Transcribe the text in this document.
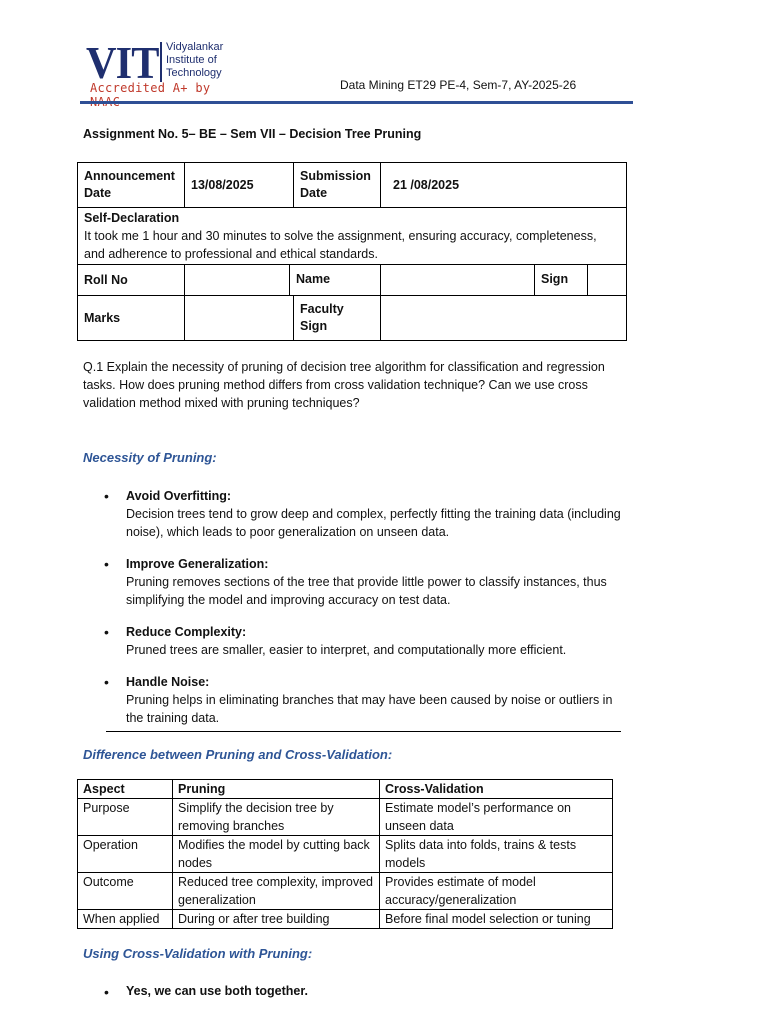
VIT Vidyalankar
Institute of
Technology
Accredited A+ by	Data Mining ET29 PE-4, Sem-7, AY-2025-26
Assignment No. 5– BE – Sem VII – Decision Tree Pruning
Announcement Date	13/08/2025	Submission Date	21 /08/2025

Self-Declaration
It took me 1 hour and 30 minutes to solve the assignment, ensuring accuracy, completeness, and adherence to professional and ethical standards.			

Roll No	Name		Sign

Marks		Faculty Sign	
Q.1 Explain the necessity of pruning of decision tree algorithm for classification and regression tasks. How does pruning method differs from cross validation technique? Can we use cross validation method mixed with pruning techniques?
Necessity of Pruning:
• Avoid Overfitting:
Decision trees tend to grow deep and complex, perfectly fitting the training data (including noise), which leads to poor generalization on unseen data.
• Improve Generalization:
Pruning removes sections of the tree that provide little power to classify instances, thus simplifying the model and improving accuracy on test data.
• Reduce Complexity:
Pruned trees are smaller, easier to interpret, and computationally more efficient.
• Handle Noise:
Pruning helps in eliminating branches that may have been caused by noise or outliers in the training data.
Difference between Pruning and Cross-Validation:
Aspect	Pruning	Cross-Validation
Purpose	Simplify the decision tree by removing branches	Estimate model’s performance on unseen data
Operation	Modifies the model by cutting back nodes	Splits data into folds, trains & tests models
Outcome	Reduced tree complexity, improved generalization	Provides estimate of model accuracy/generalization
When applied	During or after tree building	Before final model selection or tuning
Using Cross-Validation with Pruning:
• Yes, we can use both together.
